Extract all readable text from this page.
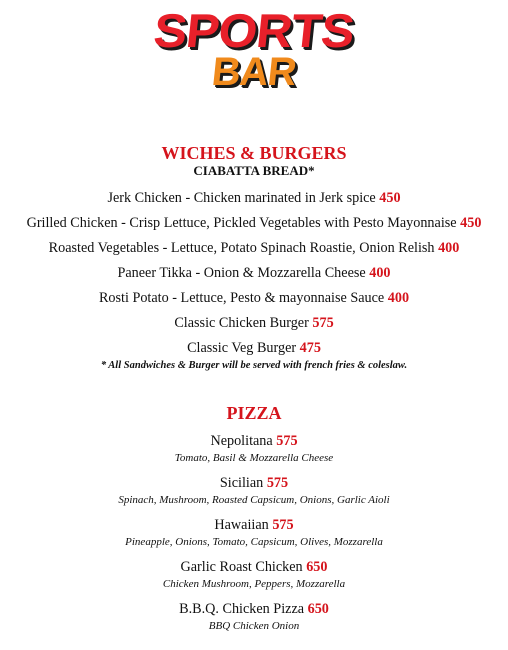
SPORTS
BAR
WICHES & BURGERS
CIABATTA BREAD*
Jerk Chicken - Chicken marinated in Jerk spice 450
Grilled Chicken - Crisp Lettuce, Pickled Vegetables with Pesto Mayonnaise 450
Roasted Vegetables - Lettuce, Potato Spinach Roastie, Onion Relish 400
Paneer Tikka - Onion & Mozzarella Cheese 400
Rosti Potato - Lettuce, Pesto & mayonnaise Sauce 400
Classic Chicken Burger 575
Classic Veg Burger 475
* All Sandwiches & Burger will be served with french fries & coleslaw.
PIZZA
Nepolitana 575
Tomato, Basil & Mozzarella Cheese
Sicilian 575
Spinach, Mushroom, Roasted Capsicum, Onions, Garlic Aioli
Hawaiian 575
Pineapple, Onions, Tomato, Capsicum, Olives, Mozzarella
Garlic Roast Chicken 650
Chicken Mushroom, Peppers, Mozzarella
B.B.Q. Chicken Pizza 650
BBQ Chicken Onion
